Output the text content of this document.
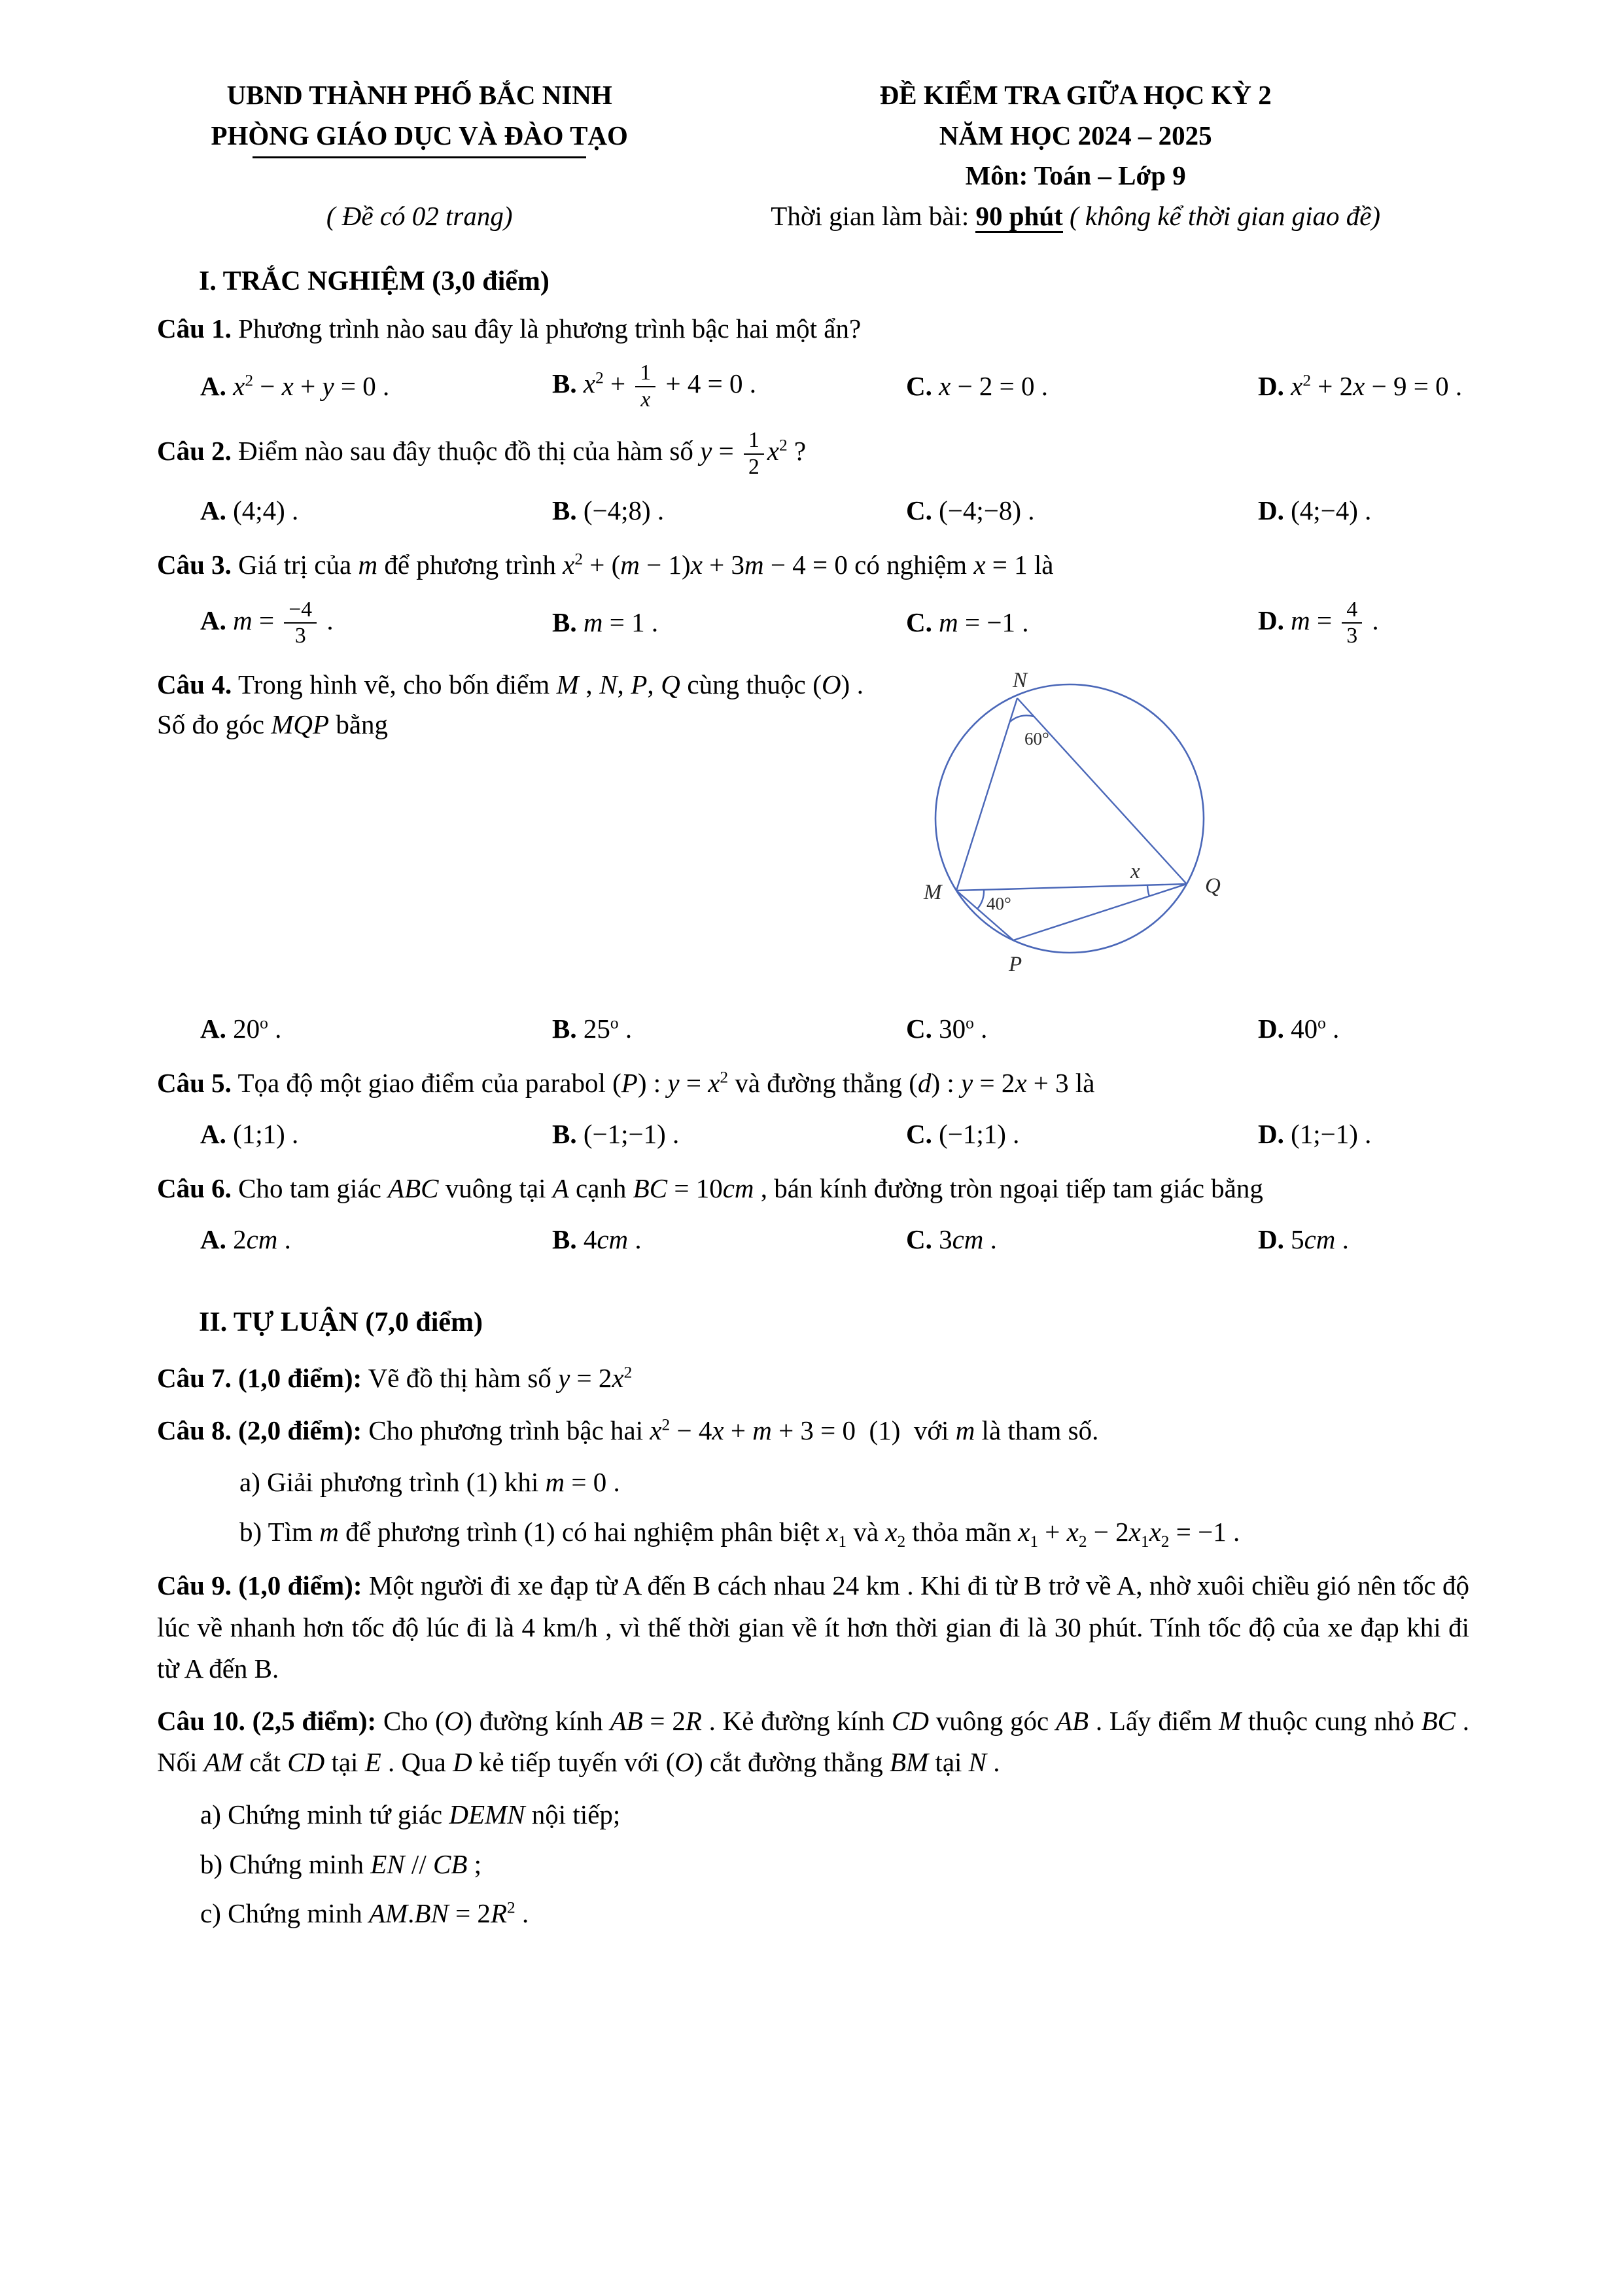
UBND THÀNH PHỐ BẮC NINH
PHÒNG GIÁO DỤC VÀ ĐÀO TẠO
( Đề có 02 trang)
ĐỀ KIỂM TRA GIỮA HỌC KỲ 2
NĂM HỌC 2024 – 2025
Môn: Toán – Lớp 9
Thời gian làm bài: 90 phút ( không kể thời gian giao đề)
I. TRẮC NGHIỆM (3,0 điểm)

Câu 1. Phương trình nào sau đây là phương trình bậc hai một ẩn?

A. $x^2 - x + y = 0$ .	B. $x^2 + \frac{1}{x} + 4 = 0$ .	C. x − 2 = 0 .	D. $x^2 + 2x - 9 = 0$ .

Câu 2. Điểm nào sau đây thuộc đồ thị của hàm số $y = \frac{1}{2} x^2$ ?

A. (4;4) .	B. (−4;8) .	C. (−4;−8) .	D. (4;−4) .

Câu 3. Giá trị của m để phương trình $x^2 + (m - 1)x + 3m - 4 = 0$ có nghiệm x = 1 là

A. $m = \frac{-4}{3}$ .	B. m = 1 .	C. m = −1 .	D. $m = \frac{4}{3}$ .

Câu 4. Trong hình vẽ, cho bốn điểm M , N, P, Q cùng thuộc (O) . Số đo góc MQP bằng

N
60°
M	40°
x
Q
P
A. 20$^o$ .	B. 25$^o$ .	C. 30$^o$ .	D. 40$^o$ .

Câu 5. Tọa độ một giao điểm của parabol (P) : $y = x^2$ và đường thẳng (d) : y = 2x + 3 là

A. (1;1) .	B. (−1;−1) .	C. (−1;1) .	D. (1;−1) .

Câu 6. Cho tam giác ABC vuông tại A cạnh BC = 10cm , bán kính đường tròn ngoại tiếp tam giác bằng

A. 2cm .	B. 4cm .	C. 3cm .	D. 5cm .
II. TỰ LUẬN (7,0 điểm)

Câu 7. (1,0 điểm): Vẽ đồ thị hàm số $y = 2x^2$

Câu 8. (2,0 điểm): Cho phương trình bậc hai $x^2 - 4x + m + 3 = 0$  (1)  với m là tham số.

a) Giải phương trình (1) khi m = 0 .

b) Tìm m để phương trình (1) có hai nghiệm phân biệt $x_1$ và $x_2$ thỏa mãn $x_1 + x_2 - 2x_1x_2 = -1$ .

Câu 9. (1,0 điểm): Một người đi xe đạp từ A đến B cách nhau 24 km . Khi đi từ B trở về A, nhờ xuôi chiều gió nên tốc độ lúc về nhanh hơn tốc độ lúc đi là 4 km/h , vì thế thời gian về ít hơn thời gian đi là 30 phút. Tính tốc độ của xe đạp khi đi từ A đến B.

Câu 10. (2,5 điểm): Cho (O) đường kính AB = 2R . Kẻ đường kính CD vuông góc AB . Lấy điểm M thuộc cung nhỏ BC . Nối AM cắt CD tại E . Qua D kẻ tiếp tuyến với (O) cắt đường thẳng BM tại N .

a) Chứng minh tứ giác DEMN nội tiếp;

b) Chứng minh EN // CB ;

c) Chứng minh $AM.BN = 2R^2$ .
